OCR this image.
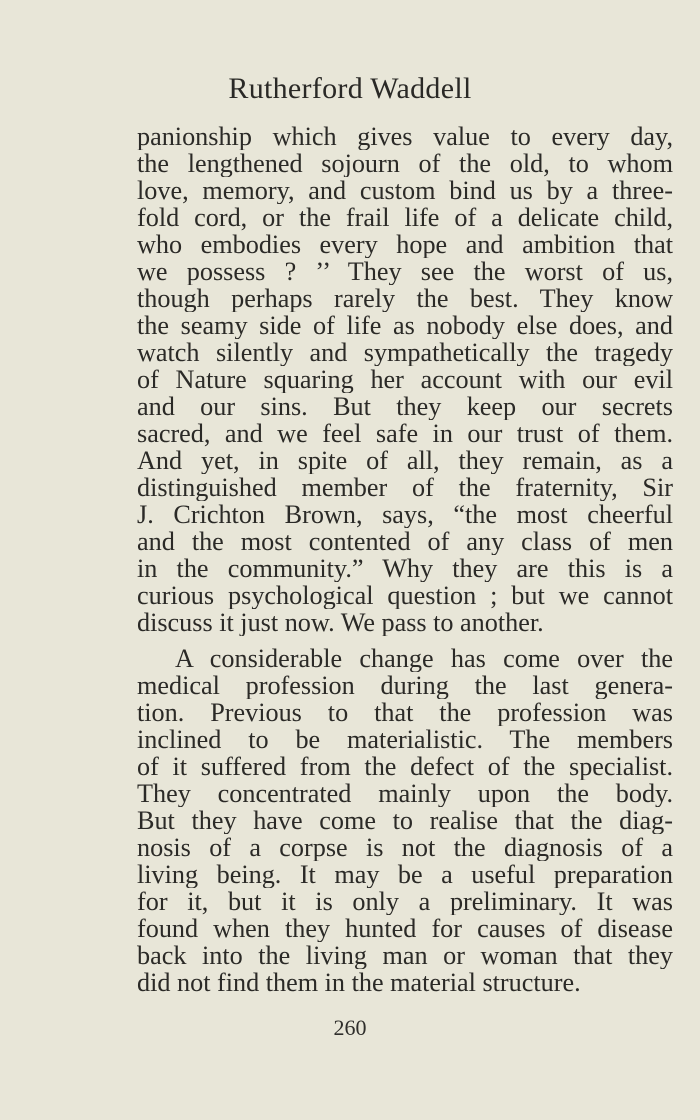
Rutherford Waddell
panionship which gives value to every day,
the lengthened sojourn of the old, to whom
love, memory, and custom bind us by a three-
fold cord, or the frail life of a delicate child,
who embodies every hope and ambition that
we possess ? ’’ They see the worst of us,
though perhaps rarely the best. They know
the seamy side of life as nobody else does, and
watch silently and sympathetically the tragedy
of Nature squaring her account with our evil
and our sins. But they keep our secrets
sacred, and we feel safe in our trust of them.
And yet, in spite of all, they remain, as a
distinguished member of the fraternity, Sir
J. Crichton Brown, says, “the most cheerful
and the most contented of any class of men
in the community.” Why they are this is a
curious psychological question ; but we cannot
discuss it just now. We pass to another.
A considerable change has come over the
medical profession during the last genera-
tion. Previous to that the profession was
inclined to be materialistic. The members
of it suffered from the defect of the specialist.
They concentrated mainly upon the body.
But they have come to realise that the diag-
nosis of a corpse is not the diagnosis of a
living being. It may be a useful preparation
for it, but it is only a preliminary. It was
found when they hunted for causes of disease
back into the living man or woman that they
did not find them in the material structure.
260
